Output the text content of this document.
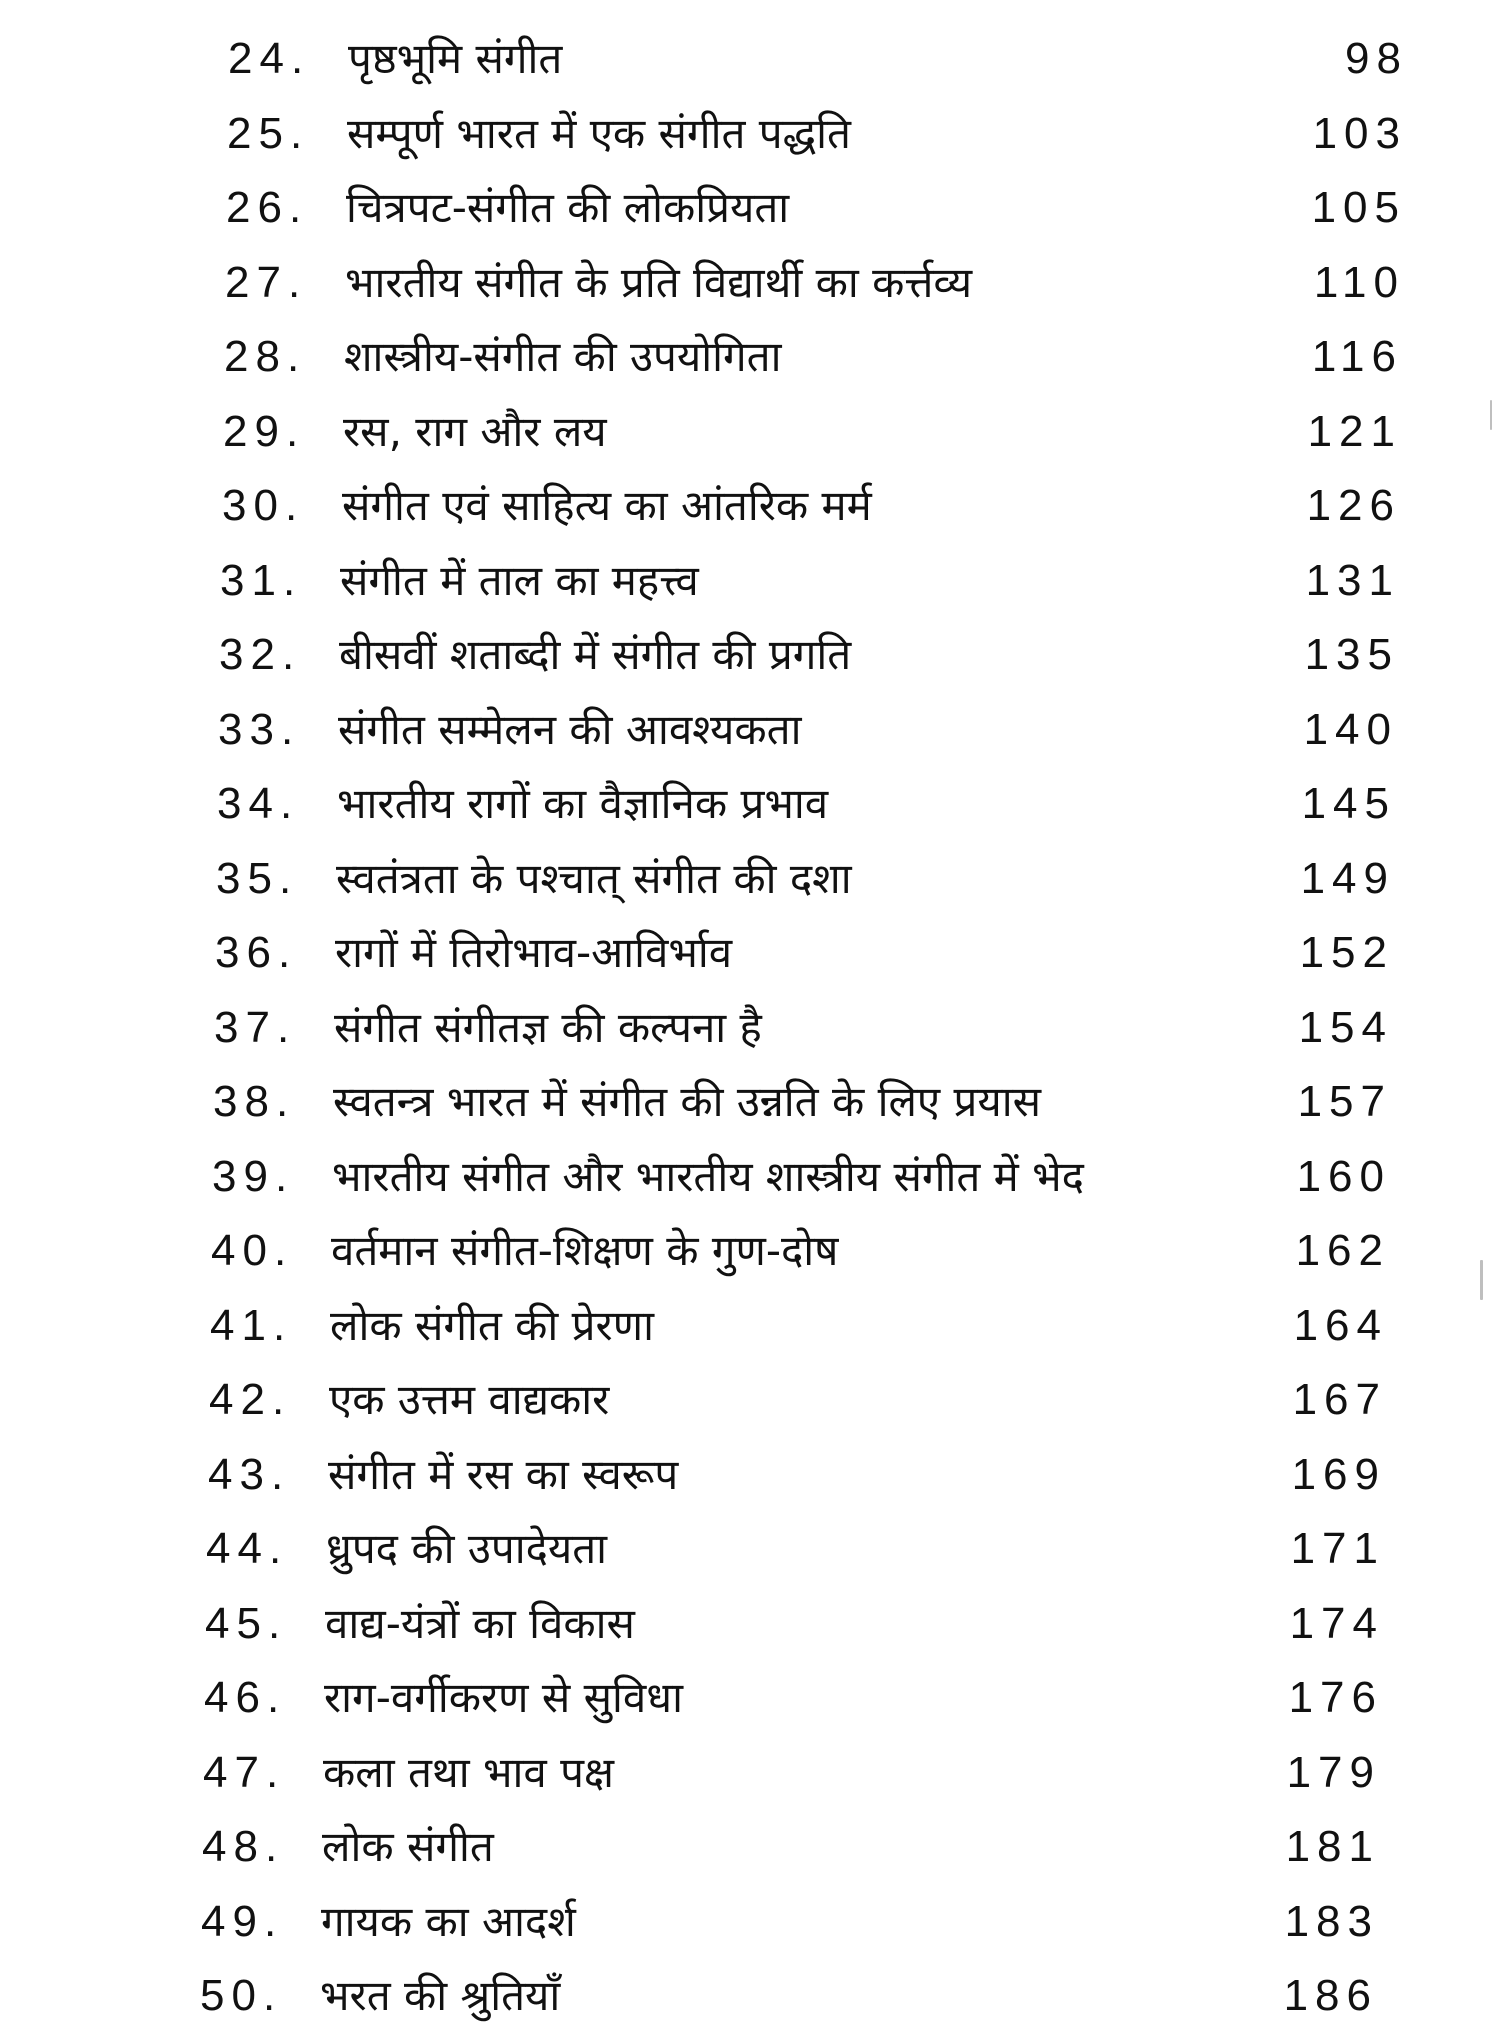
24. पृष्ठभूमि संगीत	98
25. सम्पूर्ण भारत में एक संगीत पद्धति	103
26. चित्रपट-संगीत की लोकप्रियता	105
27. भारतीय संगीत के प्रति विद्यार्थी का कर्त्तव्य	110
28. शास्त्रीय-संगीत की उपयोगिता	116
29. रस, राग और लय	121
30. संगीत एवं साहित्य का आंतरिक मर्म	126
31. संगीत में ताल का महत्त्व	131
32. बीसवीं शताब्दी में संगीत की प्रगति	135
33. संगीत सम्मेलन की आवश्यकता	140
34. भारतीय रागों का वैज्ञानिक प्रभाव	145
35. स्वतंत्रता के पश्चात् संगीत की दशा	149
36. रागों में तिरोभाव-आविर्भाव	152
37. संगीत संगीतज्ञ की कल्पना है	154
38. स्वतन्त्र भारत में संगीत की उन्नति के लिए प्रयास	157
39. भारतीय संगीत और भारतीय शास्त्रीय संगीत में भेद	160
40. वर्तमान संगीत-शिक्षण के गुण-दोष	162
41. लोक संगीत की प्रेरणा	164
42. एक उत्तम वाद्यकार	167
43. संगीत में रस का स्वरूप	169
44. ध्रुपद की उपादेयता	171
45. वाद्य-यंत्रों का विकास	174
46. राग-वर्गीकरण से सुविधा	176
47. कला तथा भाव पक्ष	179
48. लोक संगीत	181
49. गायक का आदर्श	183
50. भरत की श्रुतियाँ	186
